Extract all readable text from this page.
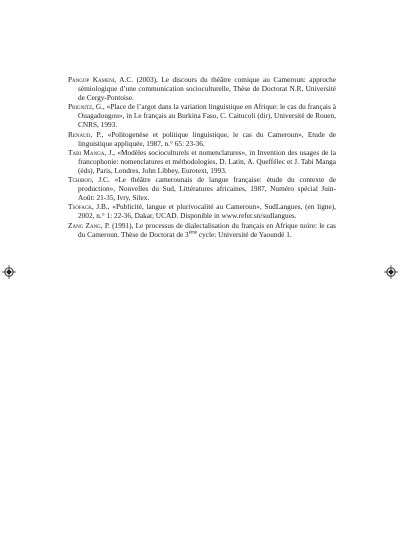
Pangop Kameni, A.C. (2003), Le discours du théâtre comique au Cameroun: approche sémiologique d’une communication socioculturelle, Thèse de Doctorat N.R, Université de Cergy-Pontoise.

Prignitz, G., «Place de l’argot dans la variation linguistique en Afrique: le cas du français à Ouagadougou», in Le français au Burkina Faso, C. Caitucoli (dir), Université de Rouen, CNRS, 1993.

Renaud, P., «Politogenèse et politique linguistique, le cas du Cameroun», Etude de linguistique appliquée, 1987, n.° 65: 23-36.

Tabi Manga, J., «Modèles socioculturels et nomenclatures», in Invention des usages de la francophonie: nomenclatures et méthodologies, D. Latin, A. Queffélec et J. Tabi Manga (éds), Paris, Londres, John Libbey, Eurotext, 1993.

Tchiboo, J.C. «Le théâtre camerounais de langue française: étude du contexte de production», Nouvelles du Sud, Littératures africaines, 1987, Numéro spécial Juin-Août: 21-35, Ivry, Silex.

Tsofack, J.B., «Publicité, langue et plurivocalité au Cameroun», SudLangues, (en ligne), 2002, n.° 1: 22-36, Dakar, UCAD. Disponible in www.refer.sn/sudlangues.

Zang Zang, P. (1991), Le processus de dialectalisation du français en Afrique noire: le cas du Cameroun. Thèse de Doctorat de 3ème cycle: Université de Yaoundé 1.
